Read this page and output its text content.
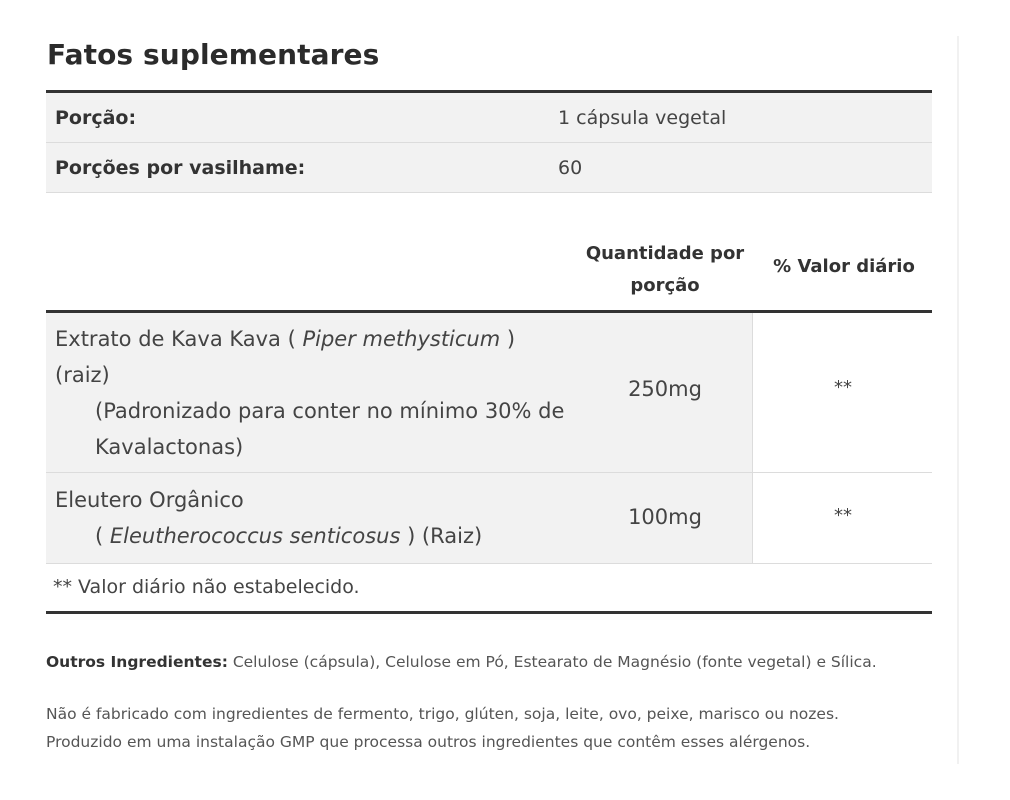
Fatos suplementares
Porção:	1 cápsula vegetal
Porções por vasilhame:	60
Quantidade por
porção
% Valor diário
Extrato de Kava Kava ( Piper methysticum ) (raiz)
(Padronizado para conter no mínimo 30% de Kavalactonas)
250mg	**
Eleutero Orgânico
( Eleutherococcus senticosus ) (Raiz)
100mg	**
** Valor diário não estabelecido.
Outros Ingredientes: Celulose (cápsula), Celulose em Pó, Estearato de Magnésio (fonte vegetal) e Sílica.
Não é fabricado com ingredientes de fermento, trigo, glúten, soja, leite, ovo, peixe, marisco ou nozes.
Produzido em uma instalação GMP que processa outros ingredientes que contêm esses alérgenos.
